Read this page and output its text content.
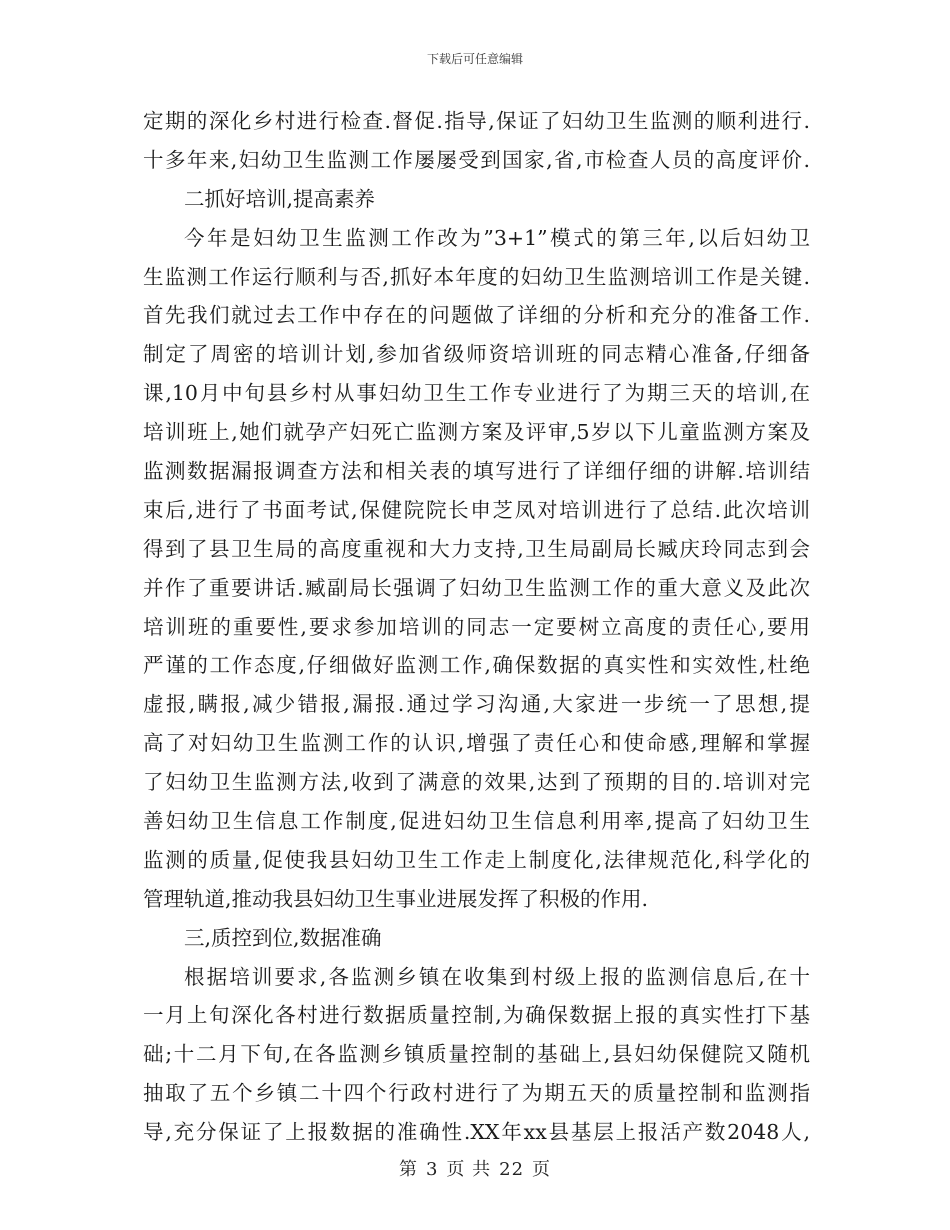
下载后可任意编辑
定期的深化乡村进行检查.督促.指导,保证了妇幼卫生监测的顺利进行.
十多年来,妇幼卫生监测工作屡屡受到国家,省,市检查人员的高度评价.
二抓好培训,提高素养
今年是妇幼卫生监测工作改为”3+1”模式的第三年,以后妇幼卫
生监测工作运行顺利与否,抓好本年度的妇幼卫生监测培训工作是关键.
首先我们就过去工作中存在的问题做了详细的分析和充分的准备工作.
制定了周密的培训计划,参加省级师资培训班的同志精心准备,仔细备
课,10月中旬县乡村从事妇幼卫生工作专业进行了为期三天的培训,在
培训班上,她们就孕产妇死亡监测方案及评审,5岁以下儿童监测方案及
监测数据漏报调查方法和相关表的填写进行了详细仔细的讲解.培训结
束后,进行了书面考试,保健院院长申芝凤对培训进行了总结.此次培训
得到了县卫生局的高度重视和大力支持,卫生局副局长臧庆玲同志到会
并作了重要讲话.臧副局长强调了妇幼卫生监测工作的重大意义及此次
培训班的重要性,要求参加培训的同志一定要树立高度的责任心,要用
严谨的工作态度,仔细做好监测工作,确保数据的真实性和实效性,杜绝
虚报,瞒报,减少错报,漏报.通过学习沟通,大家进一步统一了思想,提
高了对妇幼卫生监测工作的认识,增强了责任心和使命感,理解和掌握
了妇幼卫生监测方法,收到了满意的效果,达到了预期的目的.培训对完
善妇幼卫生信息工作制度,促进妇幼卫生信息利用率,提高了妇幼卫生
监测的质量,促使我县妇幼卫生工作走上制度化,法律规范化,科学化的
管理轨道,推动我县妇幼卫生事业进展发挥了积极的作用.
三,质控到位,数据准确
根据培训要求,各监测乡镇在收集到村级上报的监测信息后,在十
一月上旬深化各村进行数据质量控制,为确保数据上报的真实性打下基
础;十二月下旬,在各监测乡镇质量控制的基础上,县妇幼保健院又随机
抽取了五个乡镇二十四个行政村进行了为期五天的质量控制和监测指
导,充分保证了上报数据的准确性.XX年xx县基层上报活产数2048人,
第 3 页 共 22 页
